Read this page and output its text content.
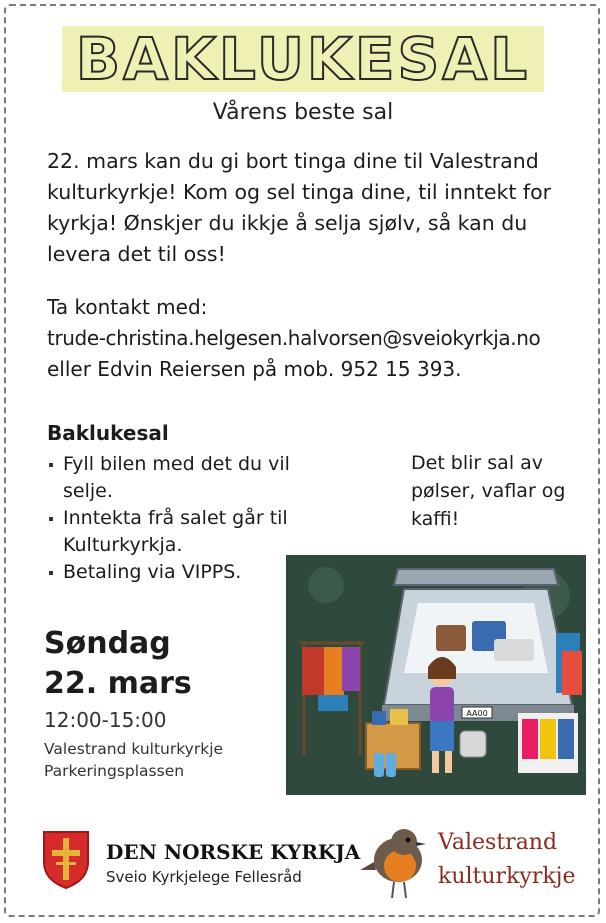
BAKLUKESAL
Vårens beste sal

22. mars kan du gi bort tinga dine til Valestrand kulturkyrkje! Kom og sel tinga dine, til inntekt for kyrkja! Ønskjer du ikkje å selja sjølv, så kan du levera det til oss!

Ta kontakt med:
trude-christina.helgesen.halvorsen@sveiokyrkja.no
eller Edvin Reiersen på mob. 952 15 393.
Baklukesal
Fyll bilen med det du vil selje.
Inntekta frå salet går til Kulturkyrkja.
Betaling via VIPPS.
Det blir sal av pølser, vaflar og kaffi!
Søndag
22. mars
12:00-15:00
Valestrand kulturkyrkje
Parkeringsplassen
AA00
DEN NORSKE KYRKJA
Sveio Kyrkjelege Fellesråd
Valestrand
kulturkyrkje
